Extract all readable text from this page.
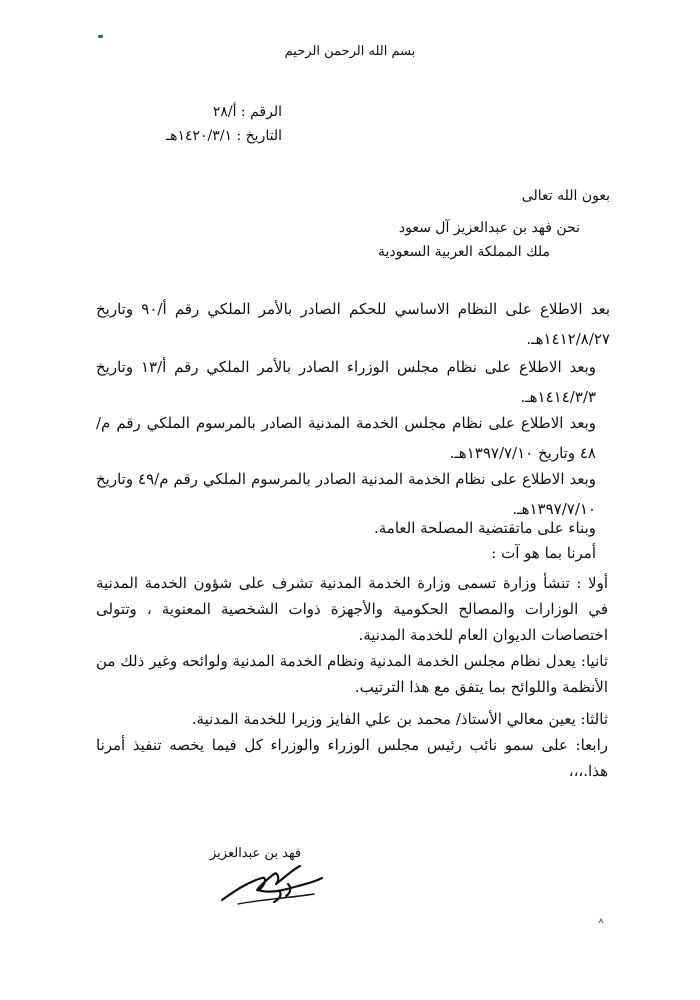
بسم الله الرحمن الرحيم
الرقم : أ/٢٨
التاريخ : ١٤٢٠/٣/١هـ
بعون الله تعالى
نحن فهد بن عبدالعزيز آل سعود
ملك المملكة العربية السعودية
بعد الاطلاع على النظام الاساسي للحكم الصادر بالأمر الملكي رقم أ/٩٠ وتاريخ ١٤١٢/٨/٢٧هـ.
وبعد الاطلاع على نظام مجلس الوزراء الصادر بالأمر الملكي رقم أ/١٣ وتاريخ ١٤١٤/٣/٣هـ.
وبعد الاطلاع على نظام مجلس الخدمة المدنية الصادر بالمرسوم الملكي رقم م/٤٨ وتاريخ ١٣٩٧/٧/١٠هـ.
وبعد الاطلاع على نظام الخدمة المدنية الصادر بالمرسوم الملكي رقم م/٤٩ وتاريخ ١٣٩٧/٧/١٠هـ.
وبناء على ماتقتضية المصلحة العامة.
أمرنا بما هو آت :
أولا : تنشأ وزارة تسمى وزارة الخدمة المدنية تشرف على شؤون الخدمة المدنية في الوزارات والمصالح الحكومية والأجهزة ذوات الشخصية المعنوية ، وتتولى اختصاصات الديوان العام للخدمة المدنية.
ثانيا: يعدل نظام مجلس الخدمة المدنية ونظام الخدمة المدنية ولوائحه وغير ذلك من الأنظمة واللوائح بما يتفق مع هذا الترتيب.
ثالثا: يعين معالي الأستاذ/ محمد بن علي الفايز وزيرا للخدمة المدنية.
رابعا: على سمو نائب رئيس مجلس الوزراء والوزراء كل فيما يخصه تنفيذ أمرنا هذا.،،،
فهد بن عبدالعزيز
